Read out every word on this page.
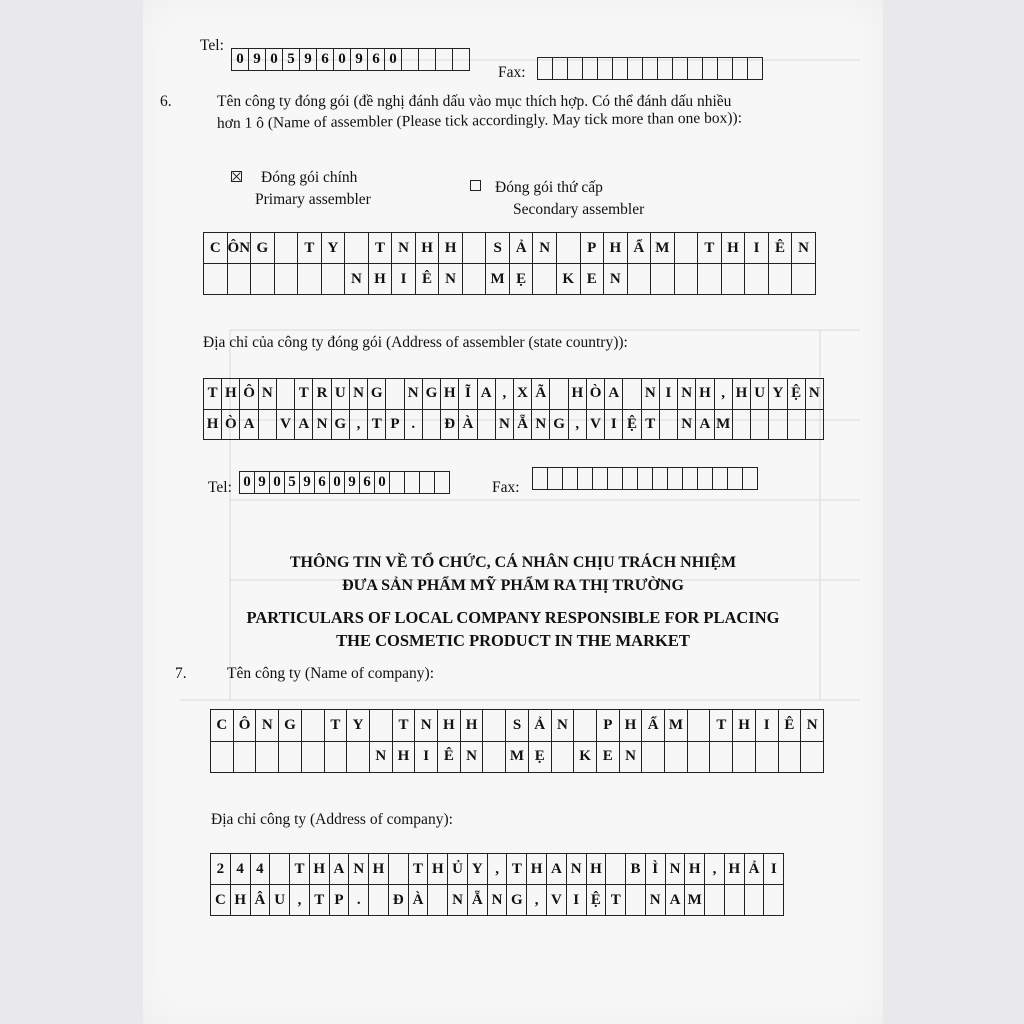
Tel:
0 9 0 5 9 6 0 9 6 0
Fax:
6.	Tên công ty đóng gói (đề nghị đánh dấu vào mục thích hợp. Có thể đánh dấu nhiều
hơn 1 ô (Name of assembler (Please tick accordingly. May tick more than one box)):
Đóng gói chính
Primary assembler
Đóng gói thứ cấp
Secondary assembler
C ÔN G	T Y	T N H H	S Ả N	P H Ẩ M	T H I	Ê N
N H I	Ê N	M Ẹ	K E N
Địa chỉ của công ty đóng gói (Address of assembler (state country)):
T H Ô N T R U N G N G H Ĩ A , X Ã H Ò A N I N H , H U Y Ệ N
H Ò A V A N G , T P .	Đ À N Ẵ N G , V I Ệ T	N A M
Tel: 0 9 0 5 9 6 0 9 6 0	Fax:
THÔNG TIN VỀ TỔ CHỨC, CÁ NHÂN CHỊU TRÁCH NHIỆM
ĐƯA SẢN PHẨM MỸ PHẨM RA THỊ TRƯỜNG
PARTICULARS OF LOCAL COMPANY RESPONSIBLE FOR PLACING
THE COSMETIC PRODUCT IN THE MARKET
7.	Tên công ty (Name of company):
C Ô N G	T Y	T N H H	S Ả N	P H Ẩ M	T H I Ê N
N H I Ê N	M Ẹ	K E N
Địa chỉ công ty (Address of company):
2 4 4	T H A N H	T H Ủ Y , T H A N H	B Ì N H , H Ả I
C H Â U , T P .	Đ À	N Ẵ N G , V I Ệ T	N A M
